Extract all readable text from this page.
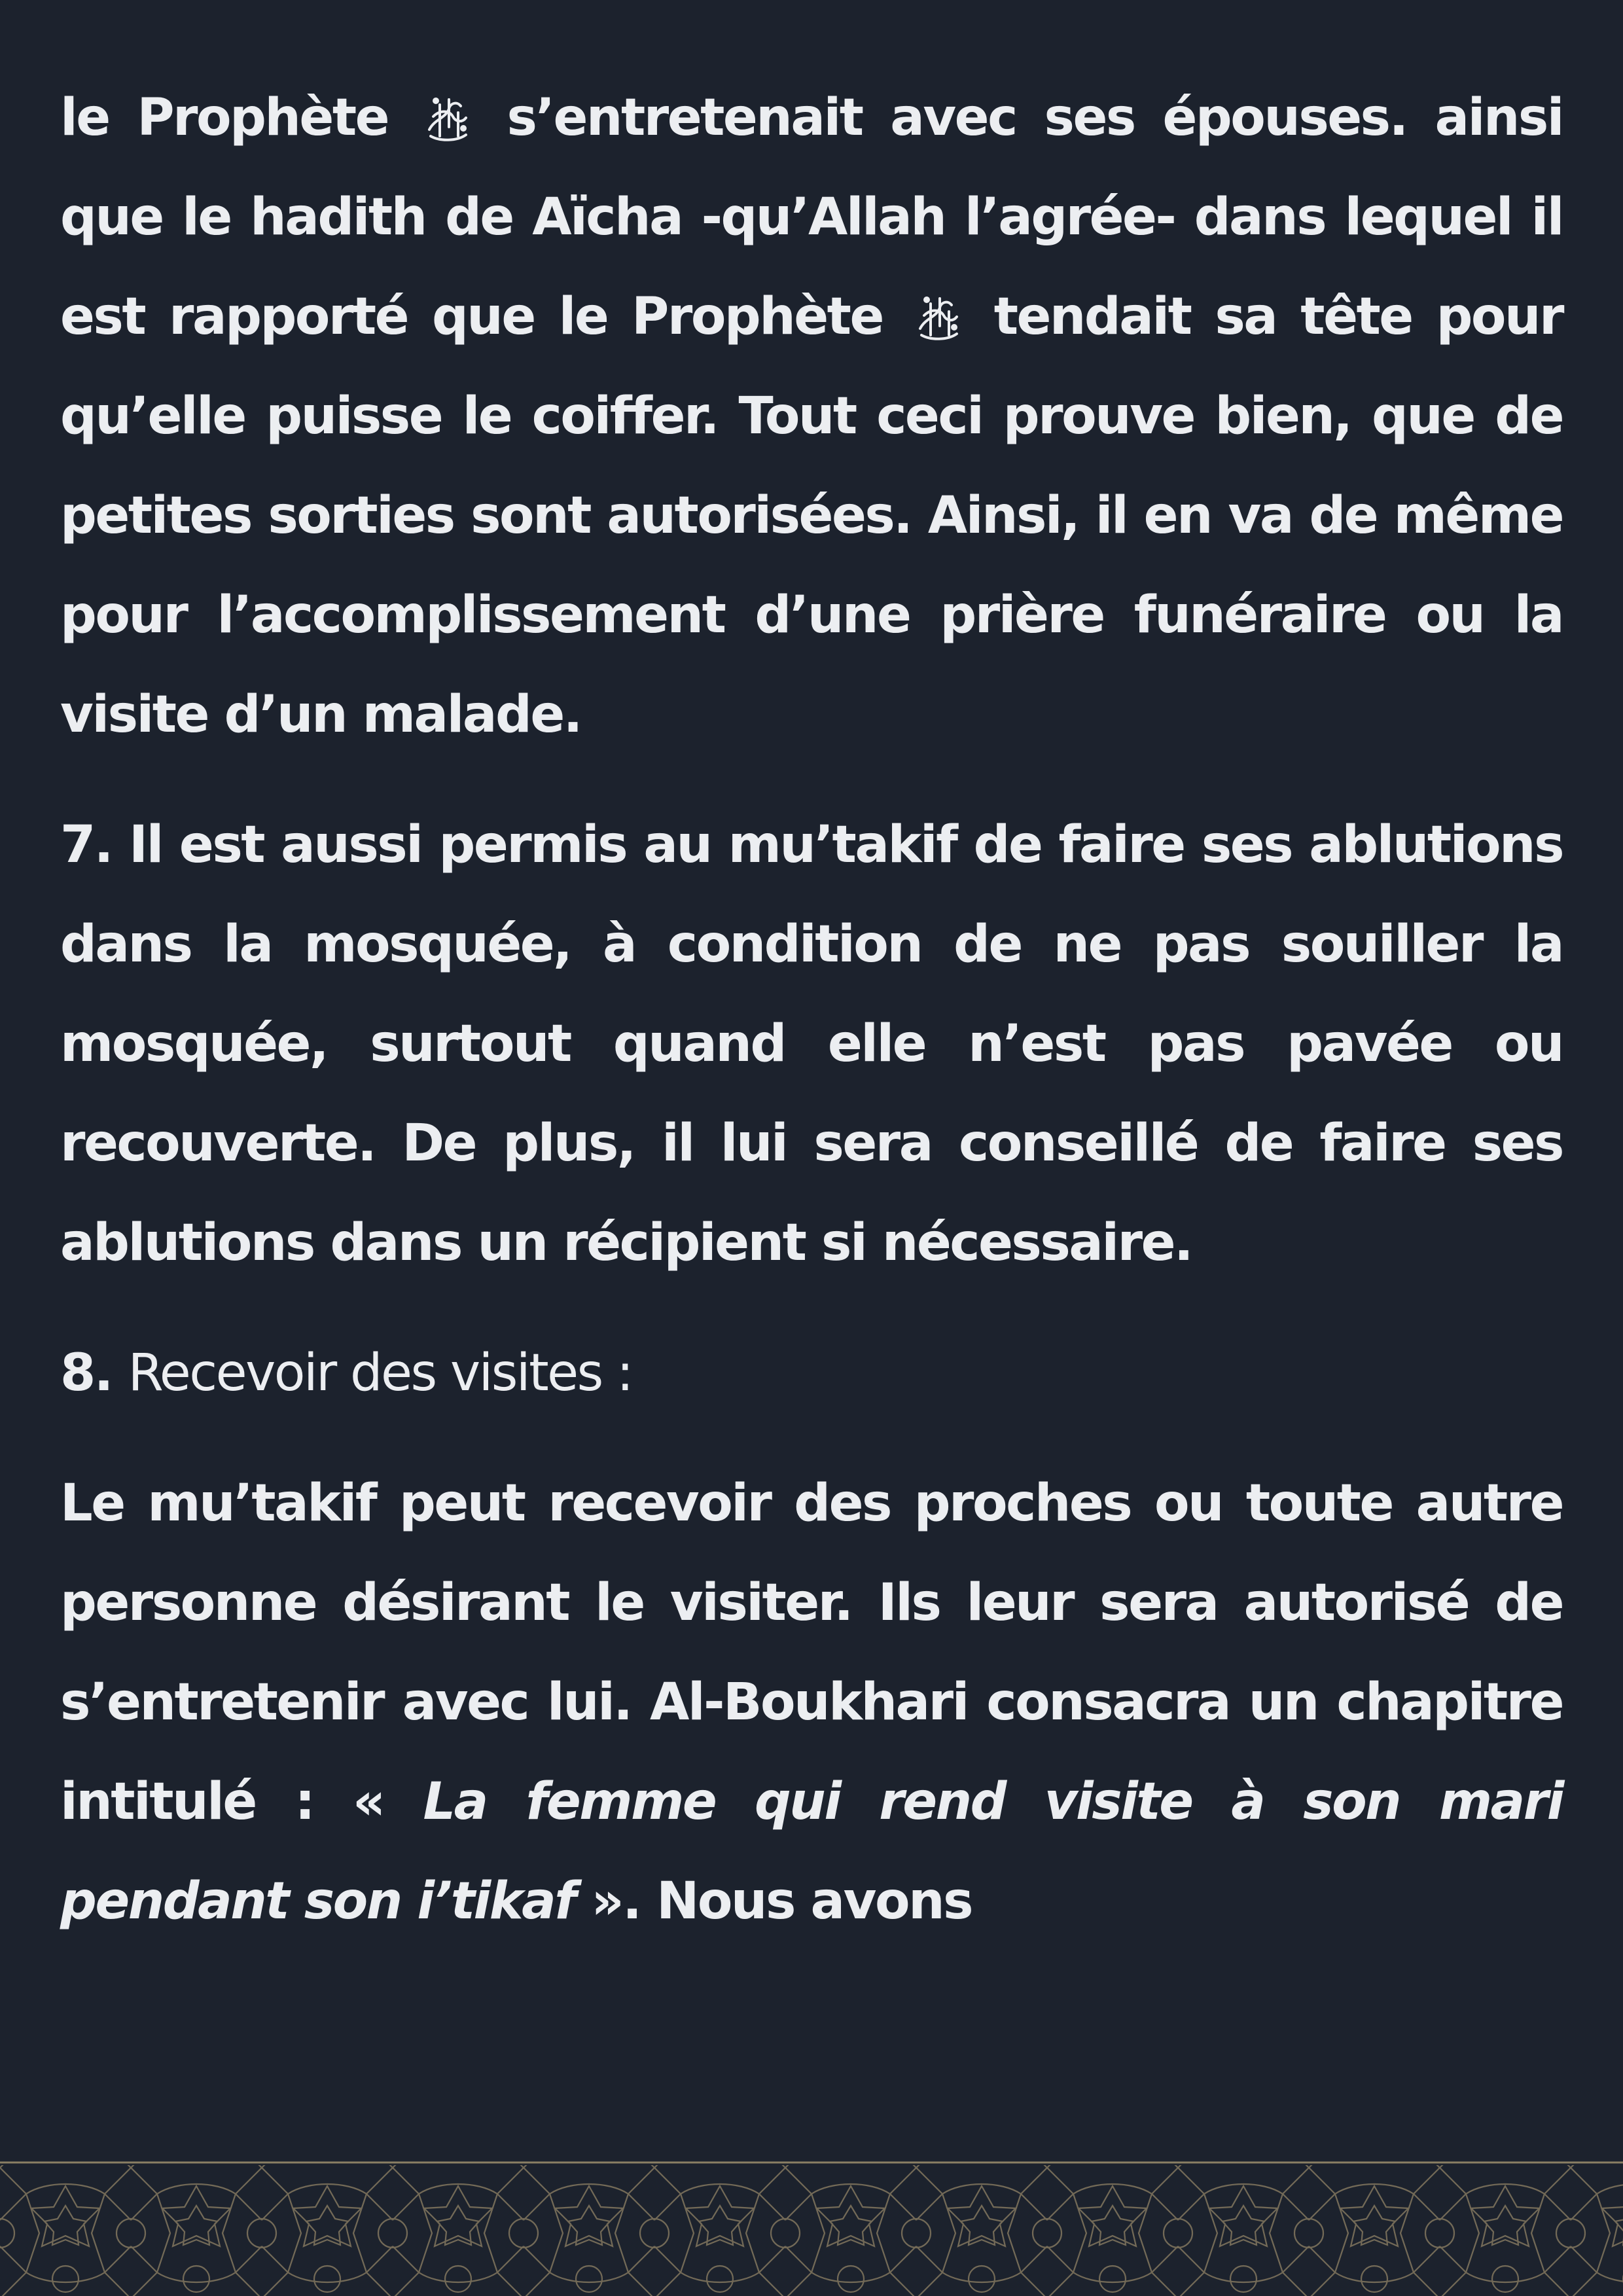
le Prophète s’entretenait avec ses épouses. ainsi que le hadith de Aïcha -qu’Allah l’agrée- dans lequel il est rapporté que le Prophète tendait sa tête pour qu’elle puisse le coiffer. Tout ceci prouve bien, que de petites sorties sont autorisées. Ainsi, il en va de même pour l’accomplissement d’une prière funéraire ou la visite d’un malade.

7. Il est aussi permis au mu’takif de faire ses ablutions dans la mosquée, à condition de ne pas souiller la mosquée, surtout quand elle n’est pas pavée ou recouverte. De plus, il lui sera conseillé de faire ses ablutions dans un récipient si nécessaire.

8. Recevoir des visites :

Le mu’takif peut recevoir des proches ou toute autre personne désirant le visiter. Ils leur sera autorisé de s’entretenir avec lui. Al-Boukhari consacra un chapitre intitulé : « La femme qui rend visite à son mari pendant son i’tikaf ». Nous avons
